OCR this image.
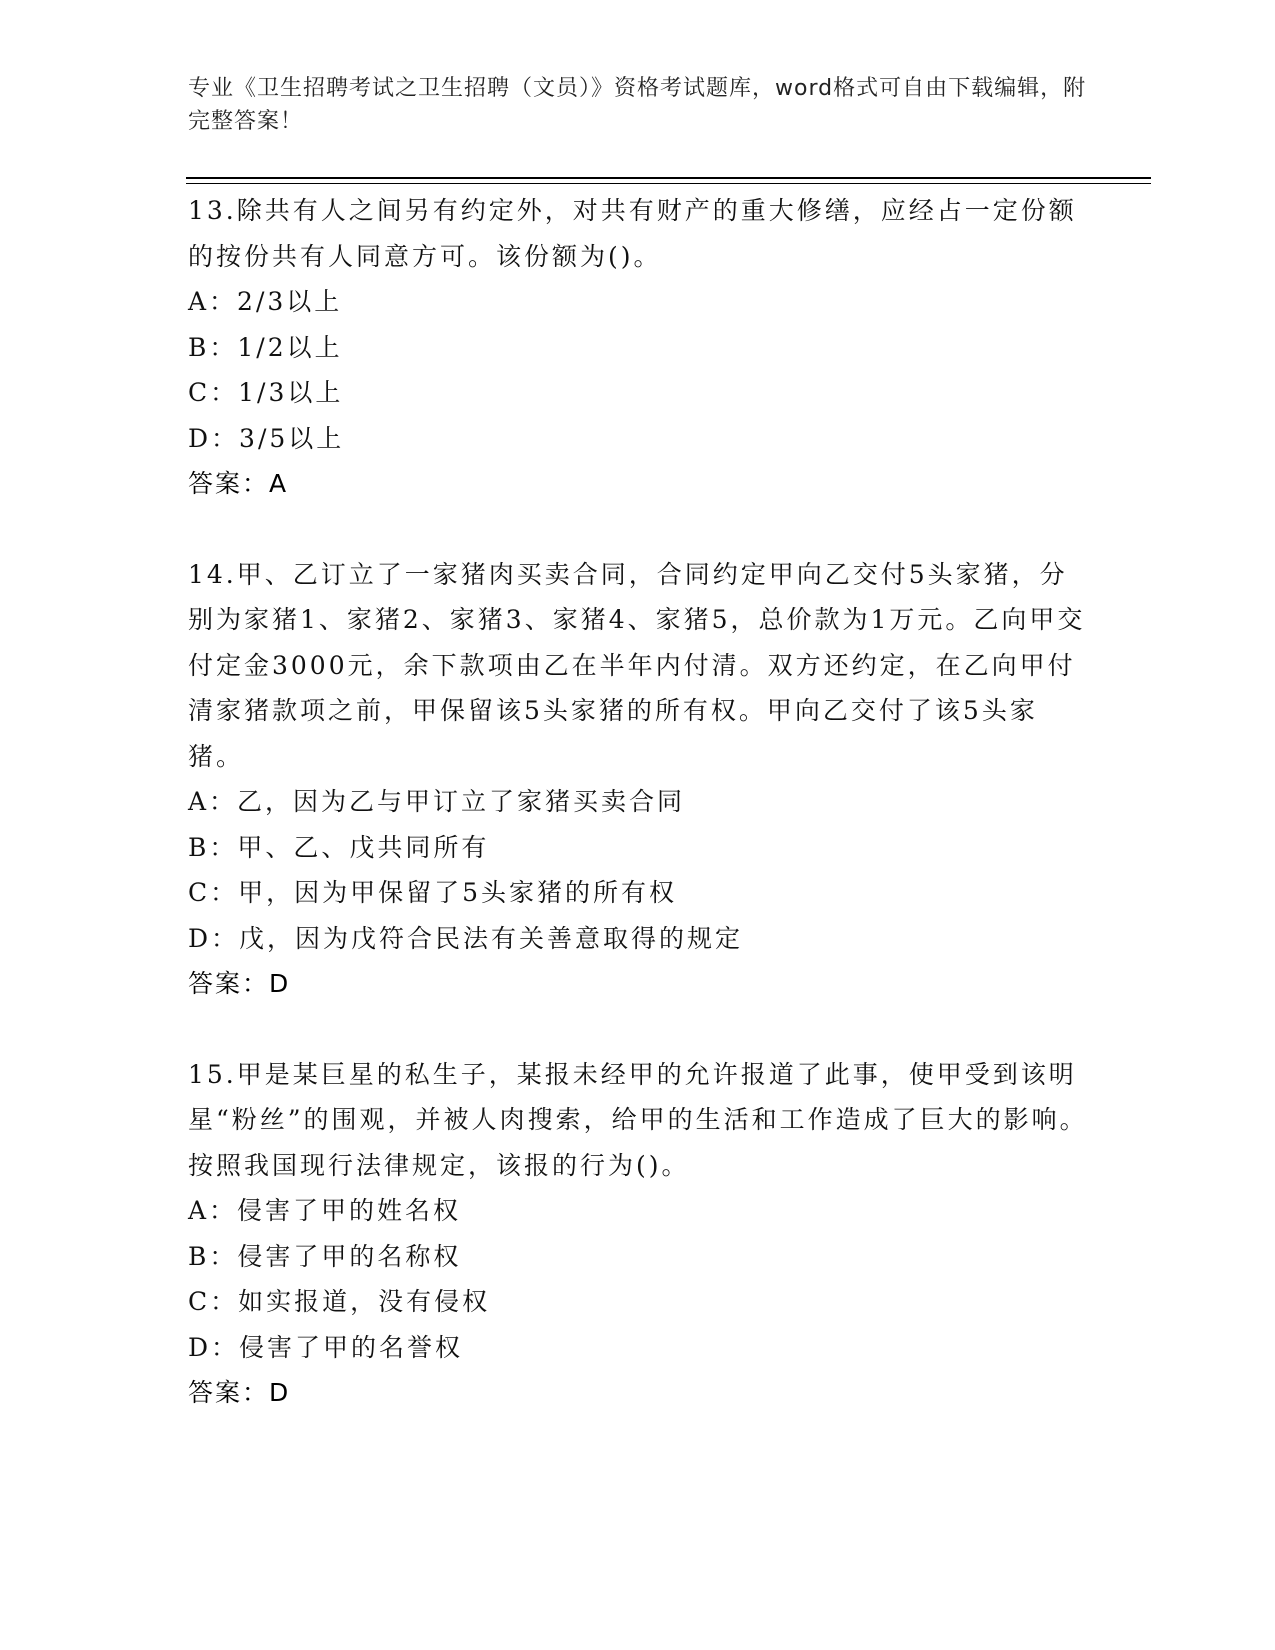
专业《卫生招聘考试之卫生招聘（文员）》资格考试题库，word格式可自由下载编辑，附完整答案！

13.除共有人之间另有约定外，对共有财产的重大修缮，应经占一定份额的按份共有人同意方可。该份额为()。

A：2/3以上

B：1/2以上

C：1/3以上

D：3/5以上

答案：A

14.甲、乙订立了一家猪肉买卖合同，合同约定甲向乙交付5头家猪，分别为家猪1、家猪2、家猪3、家猪4、家猪5，总价款为1万元。乙向甲交付定金3000元，余下款项由乙在半年内付清。双方还约定，在乙向甲付清家猪款项之前，甲保留该5头家猪的所有权。甲向乙交付了该5头家猪。

A：乙，因为乙与甲订立了家猪买卖合同

B：甲、乙、戊共同所有

C：甲，因为甲保留了5头家猪的所有权

D：戊，因为戊符合民法有关善意取得的规定

答案：D

15.甲是某巨星的私生子，某报未经甲的允许报道了此事，使甲受到该明星“粉丝”的围观，并被人肉搜索，给甲的生活和工作造成了巨大的影响。按照我国现行法律规定，该报的行为()。

A：侵害了甲的姓名权

B：侵害了甲的名称权

C：如实报道，没有侵权

D：侵害了甲的名誉权

答案：D
